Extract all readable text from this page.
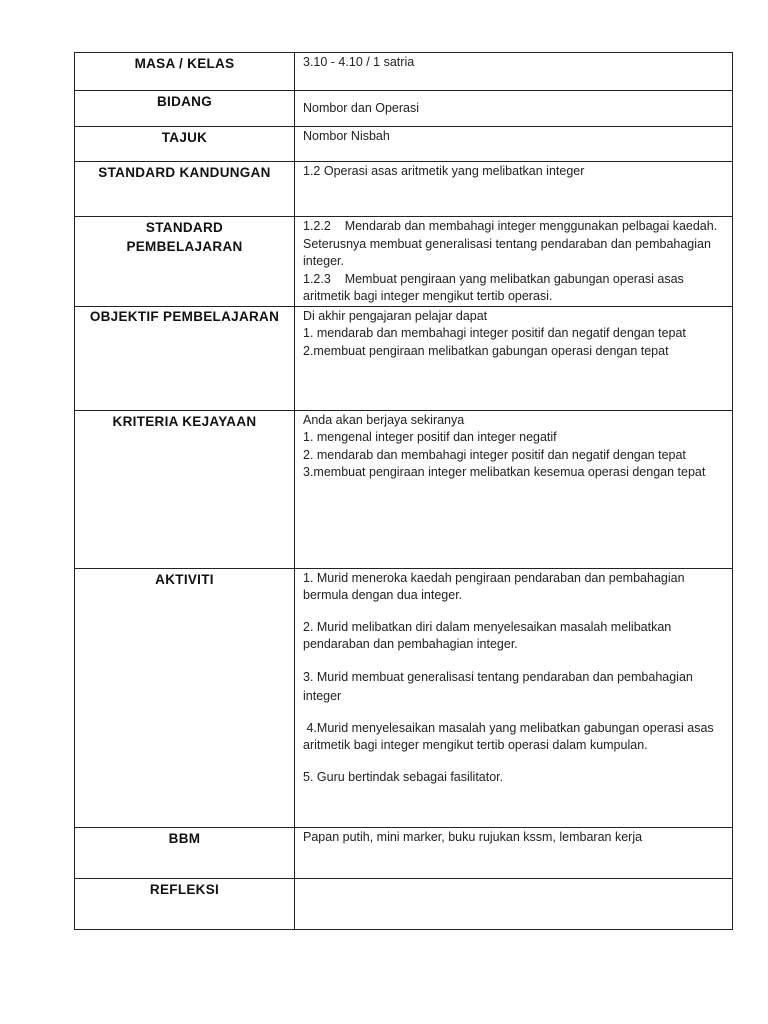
MASA / KELAS	3.10 - 4.10 / 1 satria

BIDANG	Nombor dan Operasi

TAJUK	Nombor Nisbah

STANDARD KANDUNGAN	1.2 Operasi asas aritmetik yang melibatkan integer

STANDARD
PEMBELAJARAN	1.2.2    Mendarab dan membahagi integer menggunakan pelbagai kaedah. Seterusnya membuat generalisasi tentang pendaraban dan pembahagian integer.
1.2.3    Membuat pengiraan yang melibatkan gabungan operasi asas aritmetik bagi integer mengikut tertib operasi.

OBJEKTIF PEMBELAJARAN	Di akhir pengajaran pelajar dapat
1. mendarab dan membahagi integer positif dan negatif dengan tepat
2.membuat pengiraan melibatkan gabungan operasi dengan tepat

KRITERIA KEJAYAAN	Anda akan berjaya sekiranya
1. mengenal integer positif dan integer negatif
2. mendarab dan membahagi integer positif dan negatif dengan tepat
3.membuat pengiraan integer melibatkan kesemua operasi dengan tepat

AKTIVITI	1. Murid meneroka kaedah pengiraan pendaraban dan pembahagian bermula dengan dua integer.
2. Murid melibatkan diri dalam menyelesaikan masalah melibatkan pendaraban dan pembahagian integer.
3. Murid membuat generalisasi tentang pendaraban dan pembahagian integer
4.Murid menyelesaikan masalah yang melibatkan gabungan operasi asas aritmetik bagi integer mengikut tertib operasi dalam kumpulan.
5. Guru bertindak sebagai fasilitator.

BBM	Papan putih, mini marker, buku rujukan kssm, lembaran kerja

REFLEKSI	
